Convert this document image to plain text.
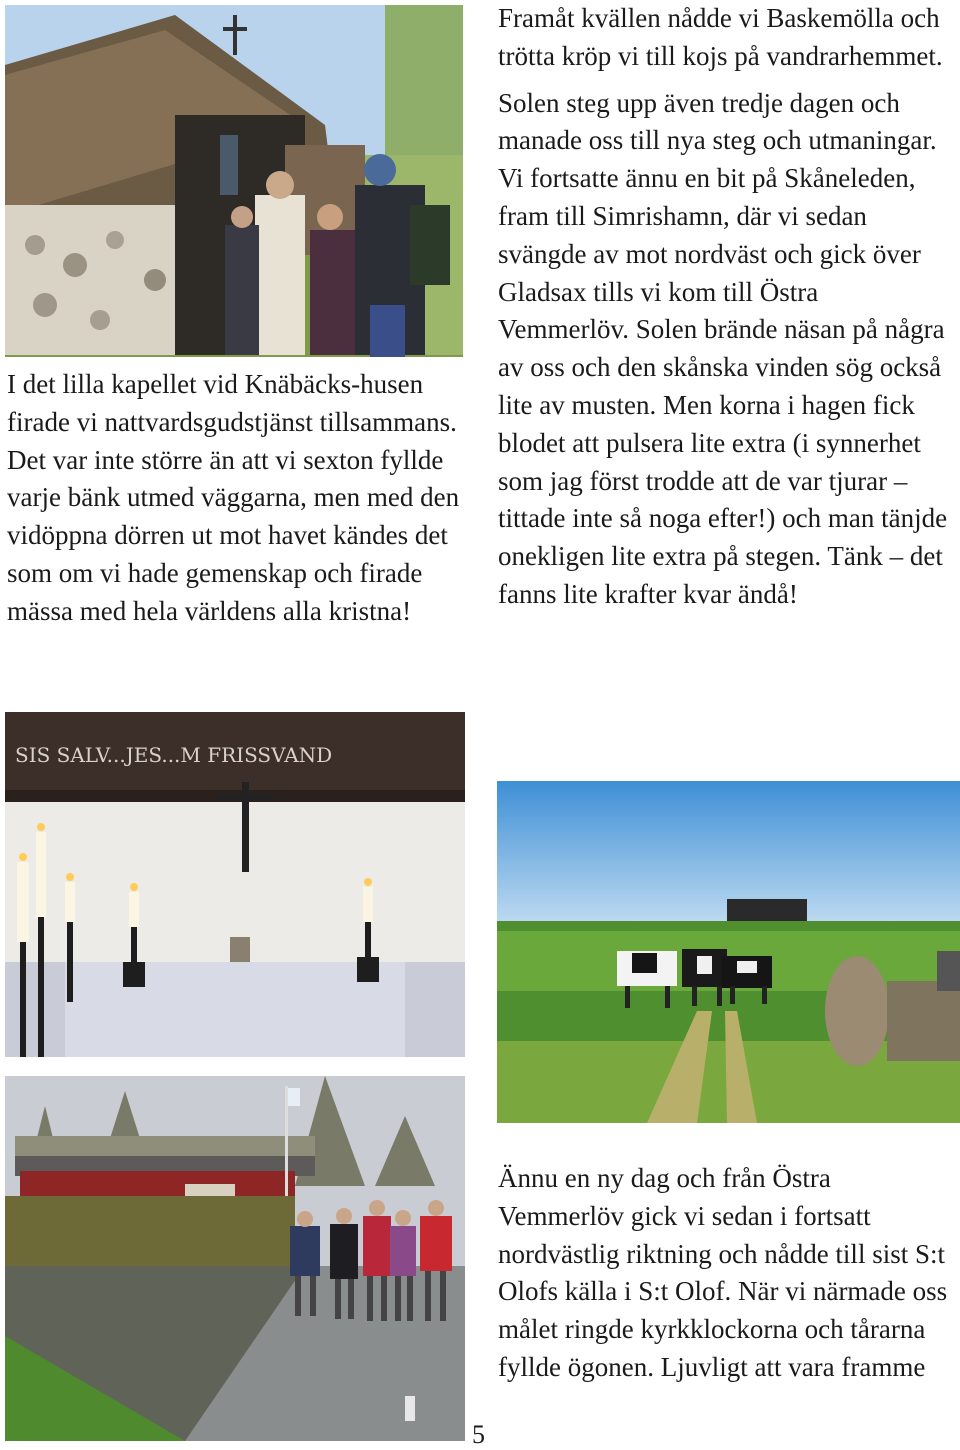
SIS SALV...JES...M FRISSVAND

I det lilla kapellet vid Knäbäcks-husen firade vi nattvardsgudstjänst tillsammans. Det var inte större än att vi sexton fyllde varje bänk utmed väggarna, men med den vidöppna dörren ut mot havet kändes det som om vi hade gemenskap och firade mässa med hela världens alla kristna!

Framåt kvällen nådde vi Baskemölla och trötta kröp vi till kojs på vandrarhemmet.

Solen steg upp även tredje dagen och manade oss till nya steg och utmaningar. Vi fortsatte ännu en bit på Skåneleden, fram till Simrishamn, där vi sedan svängde av mot nordväst och gick över Gladsax tills vi kom till Östra Vemmerlöv. Solen brände näsan på några av oss och den skånska vinden sög också lite av musten. Men korna i hagen fick blodet att pulsera lite extra (i synnerhet som jag först trodde att de var tjurar – tittade inte så noga efter!) och man tänjde onekligen lite extra på stegen. Tänk – det fanns lite krafter kvar ändå!

Ännu en ny dag och från Östra Vemmerlöv gick vi sedan i fortsatt nordvästlig riktning och nådde till sist S:t Olofs källa i S:t Olof. När vi närmade oss målet ringde kyrkklockorna och tårarna fyllde ögonen. Ljuvligt att vara framme

5
